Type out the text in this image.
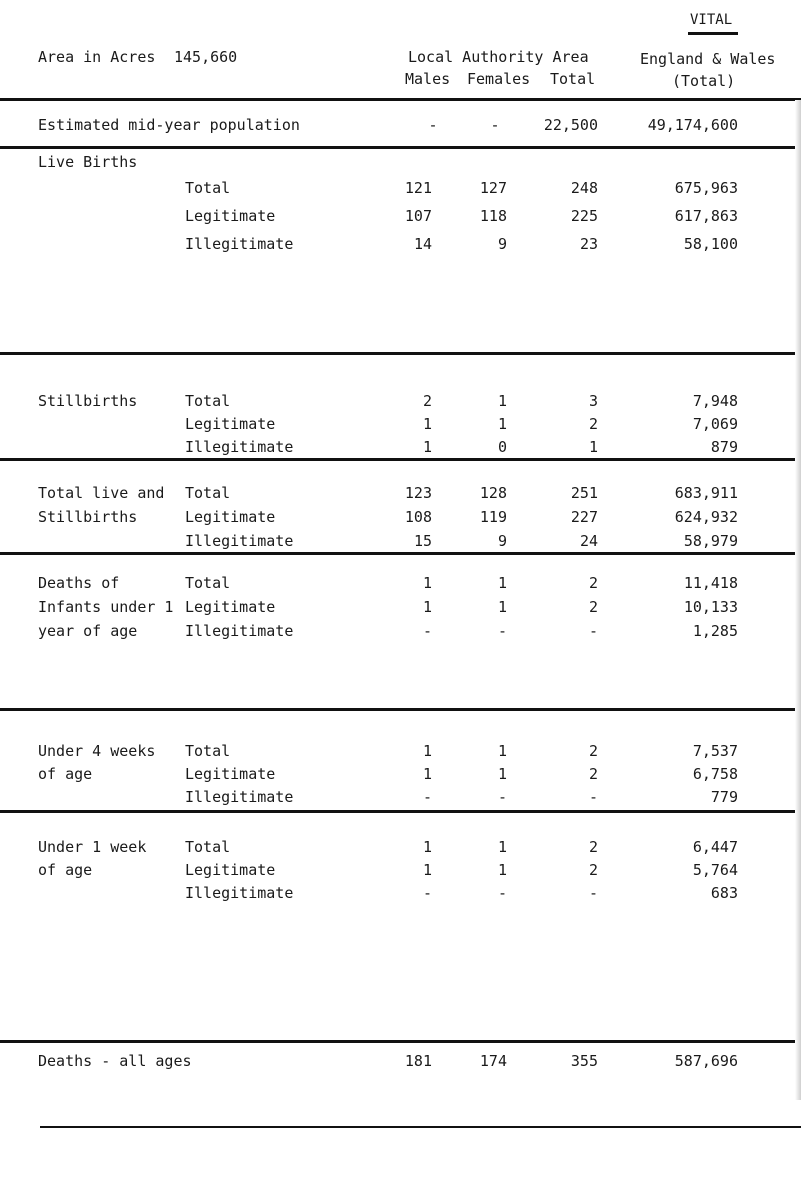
VITAL
Area in Acres 145,660	Local Authority Area	England & Wales
Males Females Total	(Total)
Estimated mid-year population	-	-	22,500	49,174,600
Live Births
Total	121	127	248	675,963
Legitimate	107	118	225	617,863
Illegitimate	14	9	23	58,100
Stillbirths	Total	2	1	3	7,948
Legitimate	1	1	2	7,069
Illegitimate	1	0	1	879
Total live and
Stillbirths
Total	123	128	251	683,911
Legitimate	108	119	227	624,932
Illegitimate	15	9	24	58,979
Deaths of
Infants under 1
year of age
Total	1	1	2	11,418
Legitimate	1	1	2	10,133
Illegitimate	-	-	-	1,285
Under 4 weeks
of age
Total	1	1	2	7,537
Legitimate	1	1	2	6,758
Illegitimate	-	-	-	779
Under 1 week
of age
Total	1	1	2	6,447
Legitimate	1	1	2	5,764
Illegitimate	-	-	-	683
Deaths - all ages	181	174	355	587,696
